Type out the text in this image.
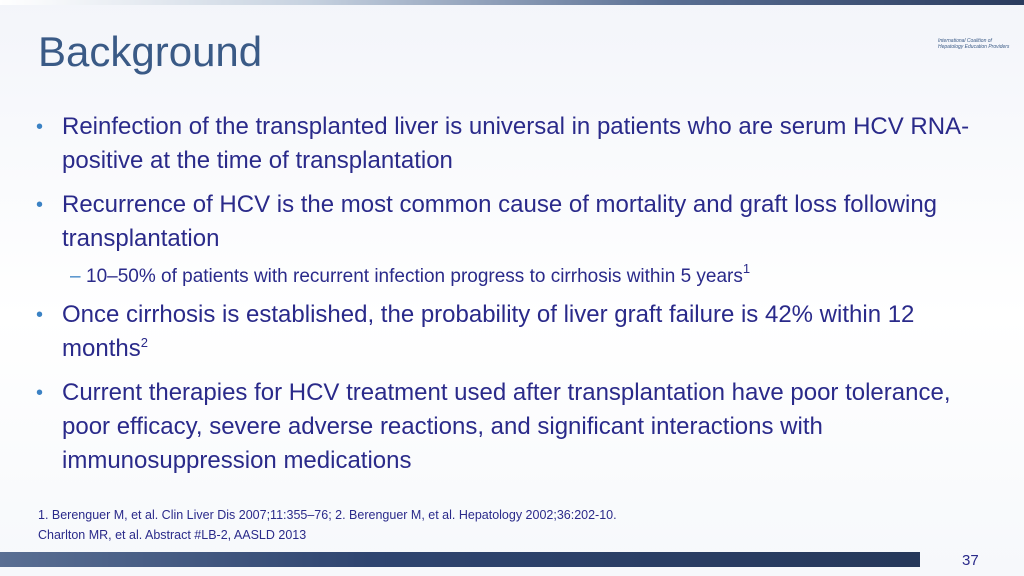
Background	International Coalition of
Hepatology Education Providers
• Reinfection of the transplanted liver is universal in patients who are serum HCV RNA-positive at the time of transplantation
• Recurrence of HCV is the most common cause of mortality and graft loss following transplantation
– 10–50% of patients with recurrent infection progress to cirrhosis within 5 years$^1$
• Once cirrhosis is established, the probability of liver graft failure is 42% within 12 months$^2$
• Current therapies for HCV treatment used after transplantation have poor tolerance, poor efficacy, severe adverse reactions, and significant interactions with immunosuppression medications
1. Berenguer M, et al. Clin Liver Dis 2007;11:355–76; 2. Berenguer M, et al. Hepatology 2002;36:202-10.
Charlton MR, et al. Abstract #LB-2, AASLD 2013
37
